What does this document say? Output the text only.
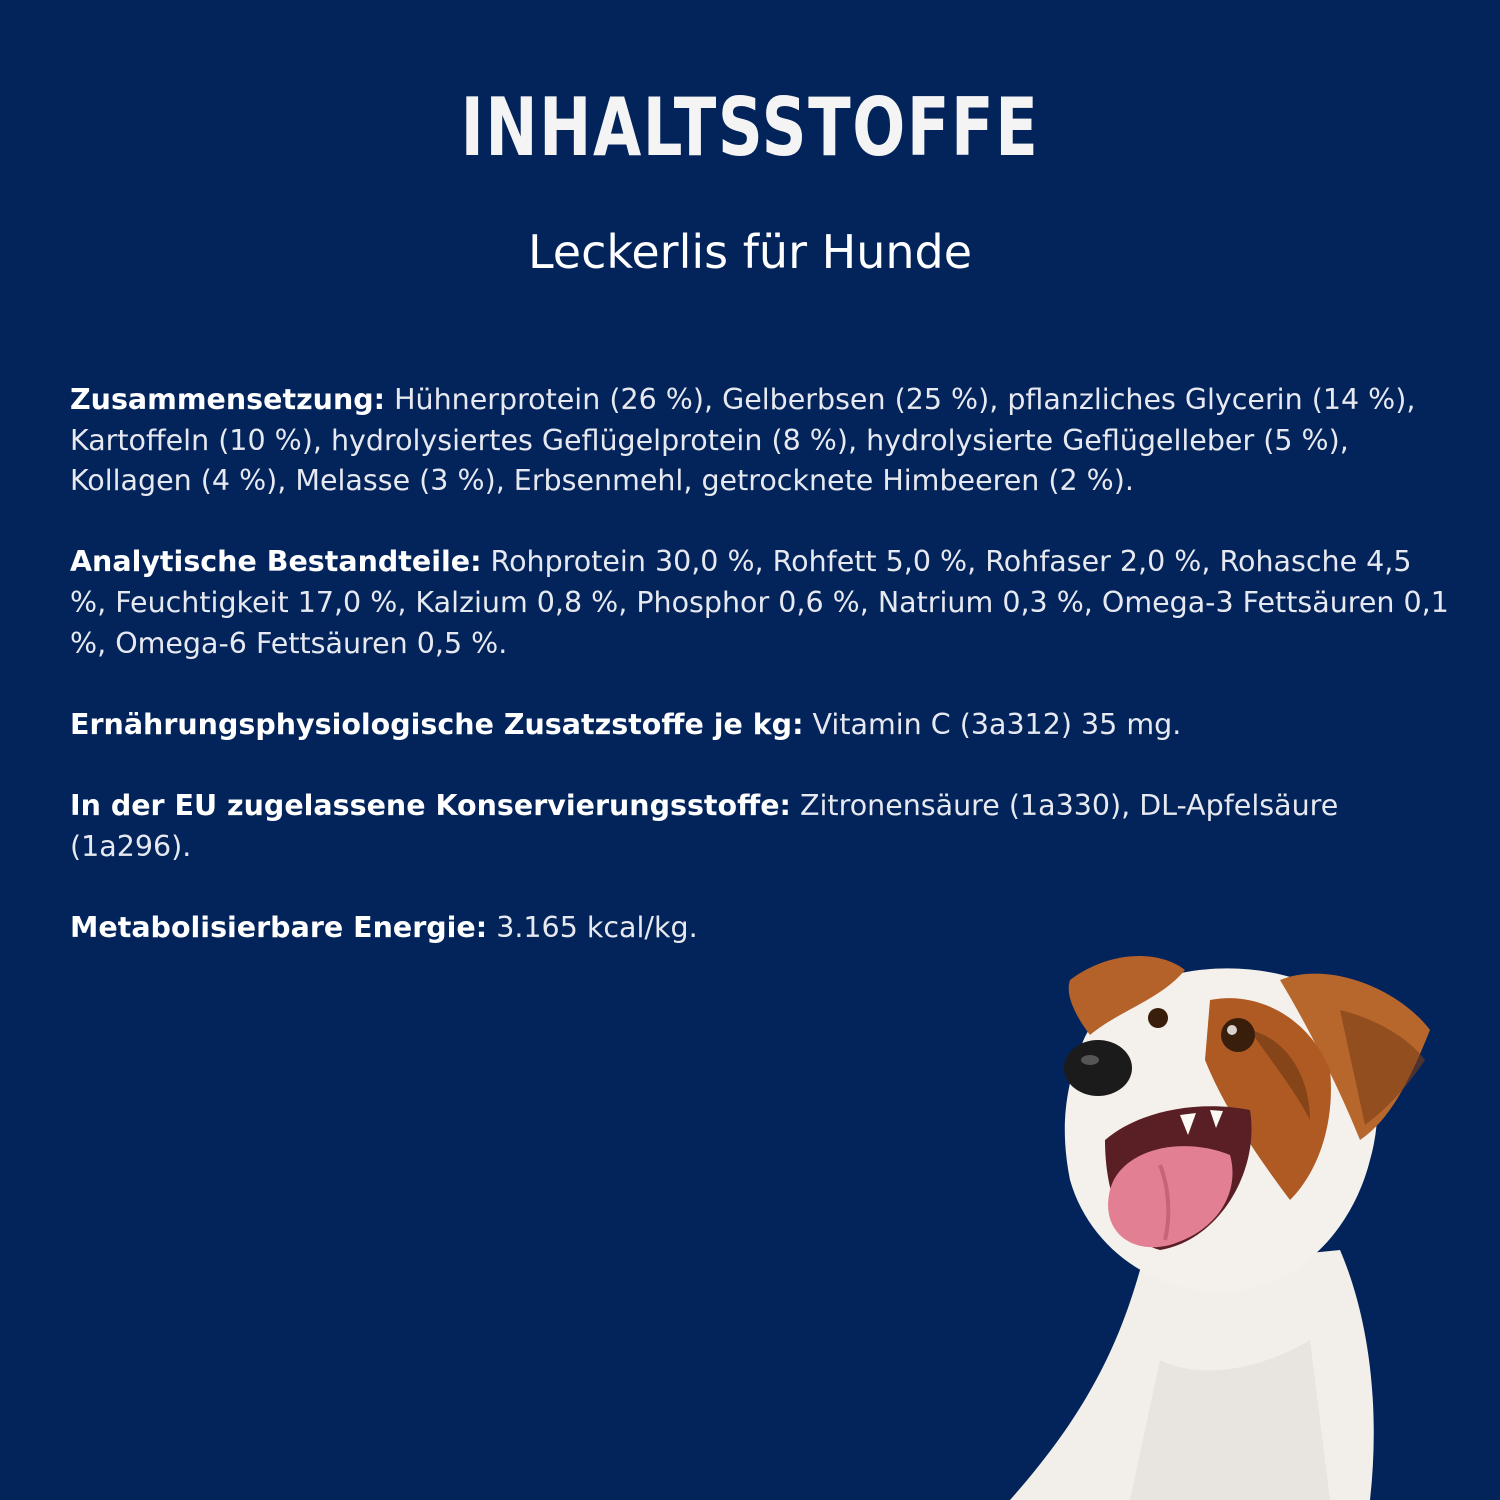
INHALTSSTOFFE
Leckerlis für Hunde

Zusammensetzung: Hühnerprotein (26 %), Gelberbsen (25 %), pflanzliches Glycerin (14 %), Kartoffeln (10 %), hydrolysiertes Geflügelprotein (8 %), hydrolysierte Geflügelleber (5 %), Kollagen (4 %), Melasse (3 %), Erbsenmehl, getrocknete Himbeeren (2 %).

Analytische Bestandteile: Rohprotein 30,0 %, Rohfett 5,0 %, Rohfaser 2,0 %, Rohasche 4,5 %, Feuchtigkeit 17,0 %, Kalzium 0,8 %, Phosphor 0,6 %, Natrium 0,3 %, Omega-3 Fettsäuren 0,1 %, Omega-6 Fettsäuren 0,5 %.

Ernährungsphysiologische Zusatzstoffe je kg: Vitamin C (3a312) 35 mg.

In der EU zugelassene Konservierungsstoffe: Zitronensäure (1a330), DL-Apfelsäure (1a296).

Metabolisierbare Energie: 3.165 kcal/kg.
